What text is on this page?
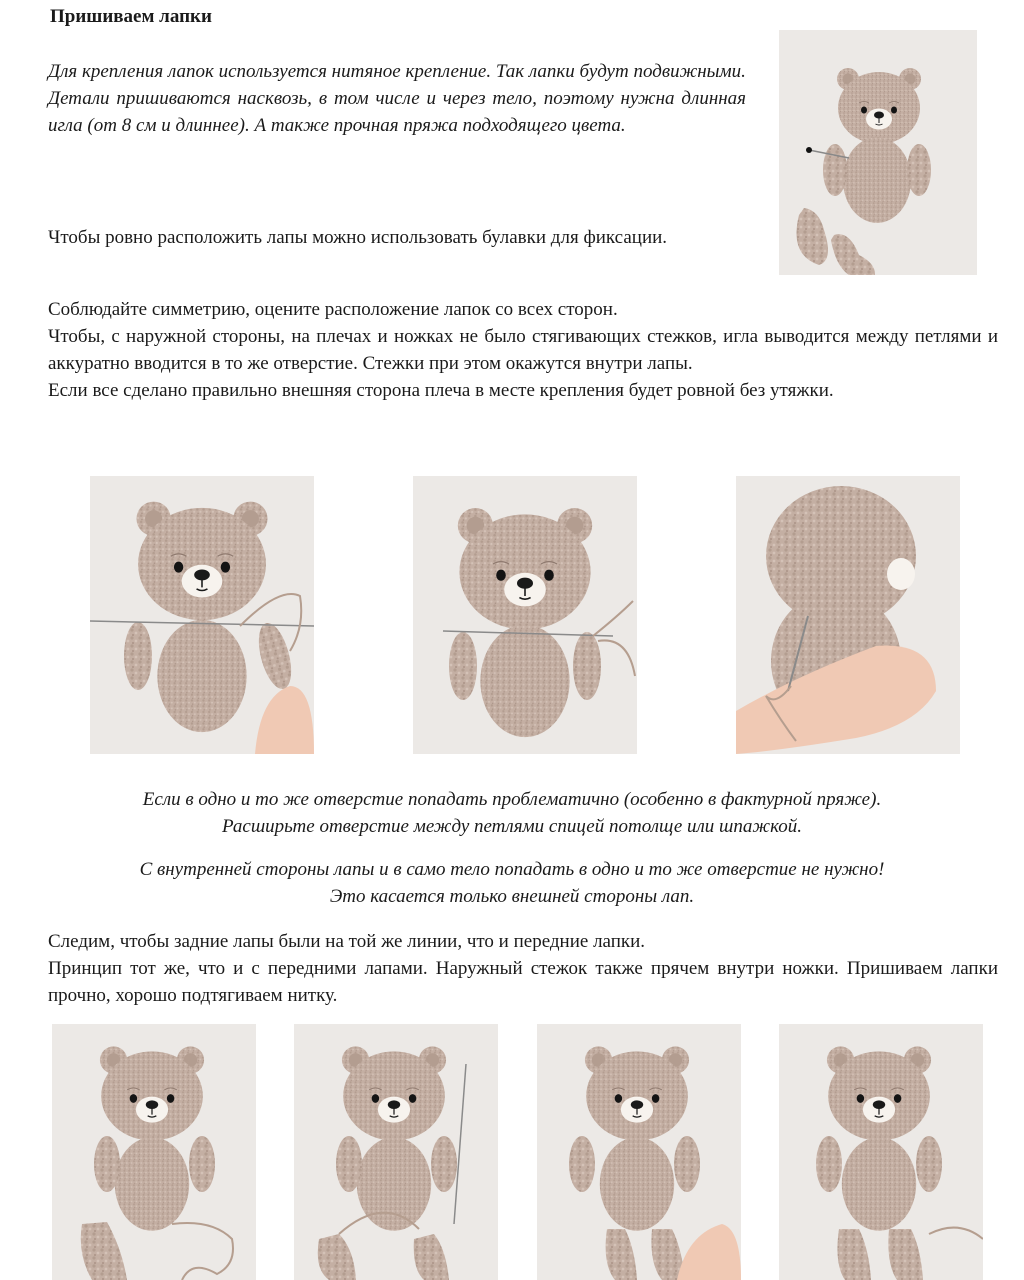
Пришиваем лапки
Для крепления лапок используется нитяное крепление. Так лапки будут подвижными.
Детали пришиваются насквозь, в том числе и через тело, поэтому нужна длинная игла (от 8 см и длиннее). А также прочная пряжа подходящего цвета.
Чтобы ровно расположить лапы можно использовать булавки для фиксации.
Соблюдайте симметрию, оцените расположение лапок со всех сторон.
Чтобы, с наружной стороны, на плечах и ножках не было стягивающих стежков, игла выводится между петлями и аккуратно вводится в то же отверстие. Стежки при этом окажутся внутри лапы.
Если все сделано правильно внешняя сторона плеча в месте крепления будет ровной без утяжки.
Если в одно и то же отверстие попадать проблематично (особенно в фактурной пряже).
Расширьте отверстие между петлями спицей потолще или шпажкой.
С внутренней стороны лапы и в само тело попадать в одно и то же отверстие не нужно!
Это касается только внешней стороны лап.
Следим, чтобы задние лапы были на той же линии, что и передние лапки.
Принцип тот же, что и с передними лапами. Наружный стежок также прячем внутри ножки. Пришиваем лапки прочно, хорошо подтягиваем нитку.
